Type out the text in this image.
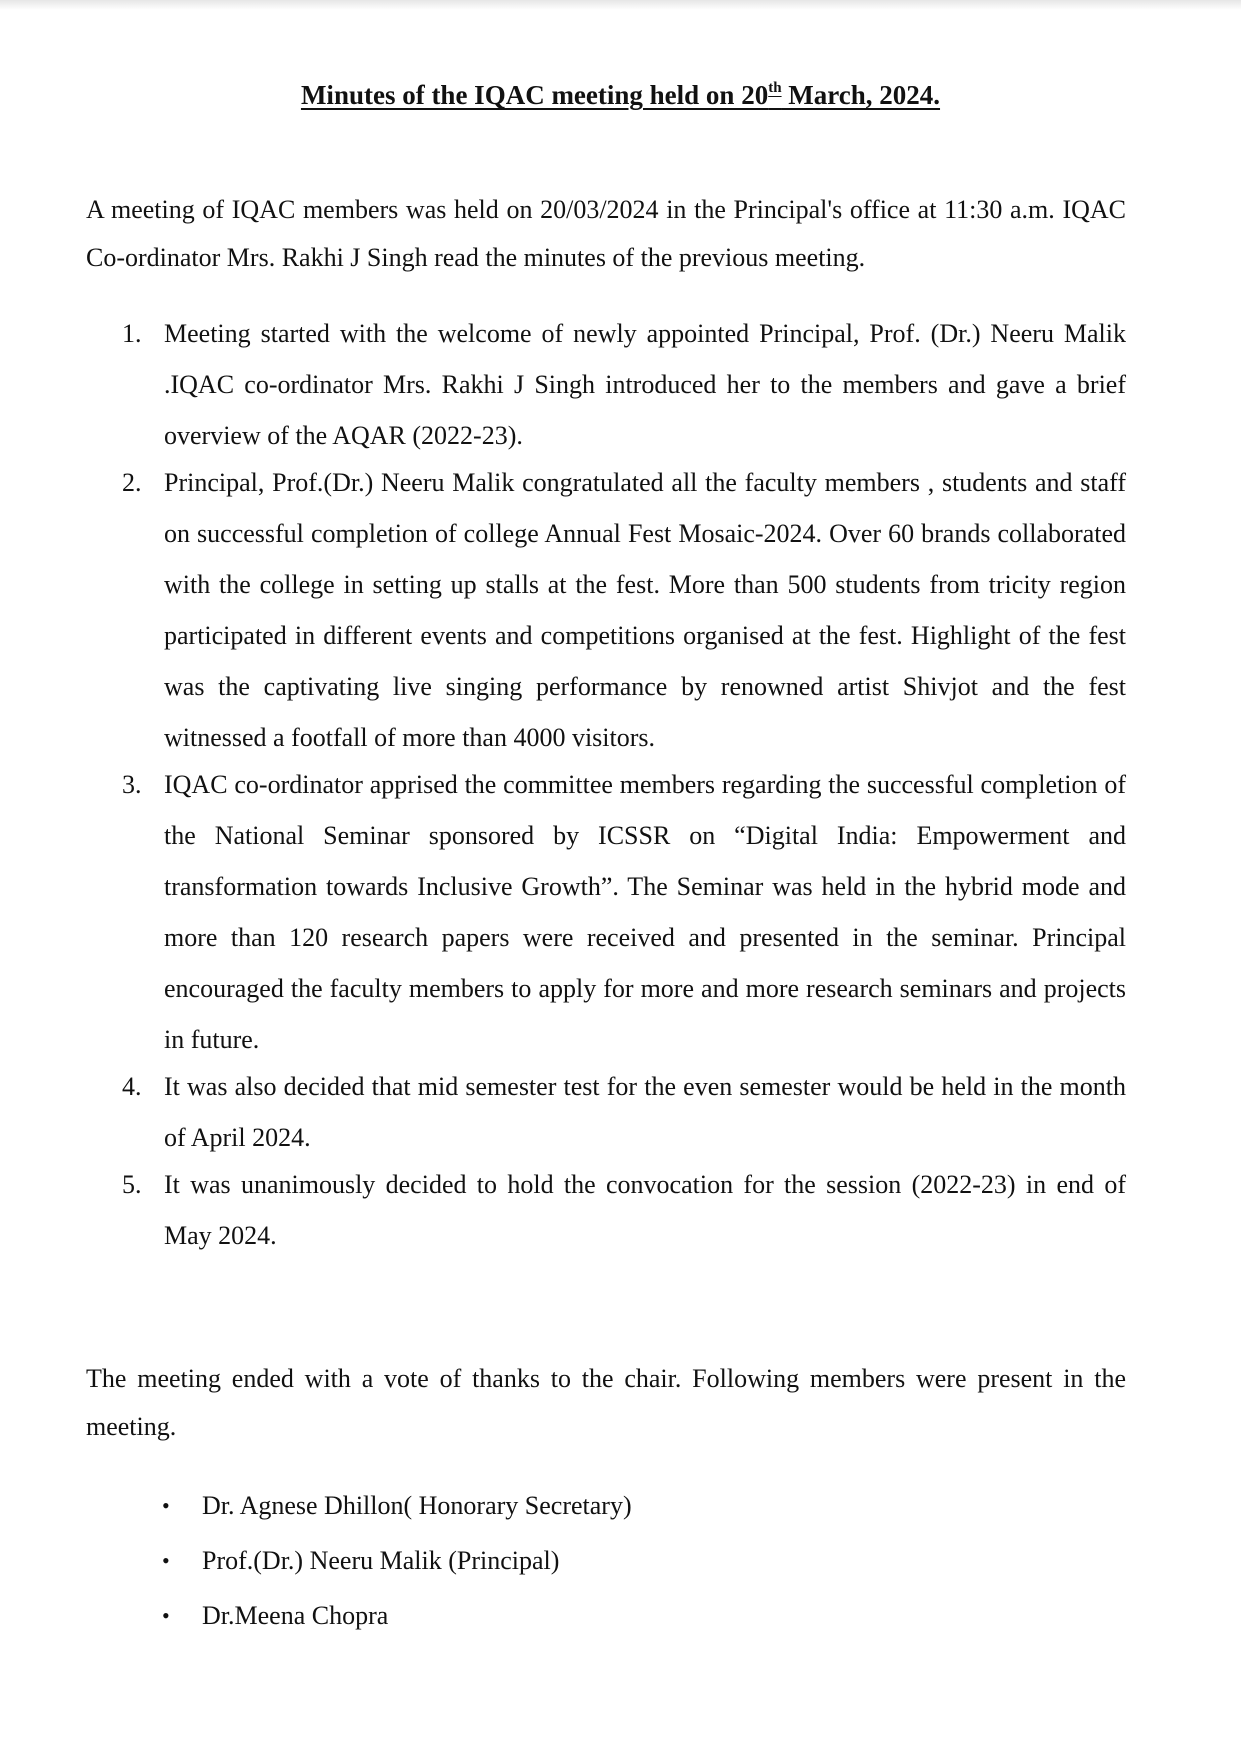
Minutes of the IQAC meeting held on 20th March, 2024.

A meeting of IQAC members was held on 20/03/2024 in the Principal's office at 11:30 a.m. IQAC Co-ordinator Mrs. Rakhi J Singh read the minutes of the previous meeting.

1. Meeting started with the welcome of newly appointed Principal, Prof. (Dr.) Neeru Malik .IQAC co-ordinator Mrs. Rakhi J Singh introduced her to the members and gave a brief overview of the AQAR (2022-23).
2. Principal, Prof.(Dr.) Neeru Malik congratulated all the faculty members , students and staff on successful completion of college Annual Fest Mosaic-2024. Over 60 brands collaborated with the college in setting up stalls at the fest. More than 500 students from tricity region participated in different events and competitions organised at the fest. Highlight of the fest was the captivating live singing performance by renowned artist Shivjot and the fest witnessed a footfall of more than 4000 visitors.
3. IQAC co-ordinator apprised the committee members regarding the successful completion of the National Seminar sponsored by ICSSR on “Digital India: Empowerment and transformation towards Inclusive Growth”. The Seminar was held in the hybrid mode and more than 120 research papers were received and presented in the seminar. Principal encouraged the faculty members to apply for more and more research seminars and projects in future.
4. It was also decided that mid semester test for the even semester would be held in the month of April 2024.
5. It was unanimously decided to hold the convocation for the session (2022-23) in end of May 2024.

The meeting ended with a vote of thanks to the chair. Following members were present in the meeting.

• Dr. Agnese Dhillon( Honorary Secretary)
• Prof.(Dr.) Neeru Malik (Principal)
• Dr.Meena Chopra
